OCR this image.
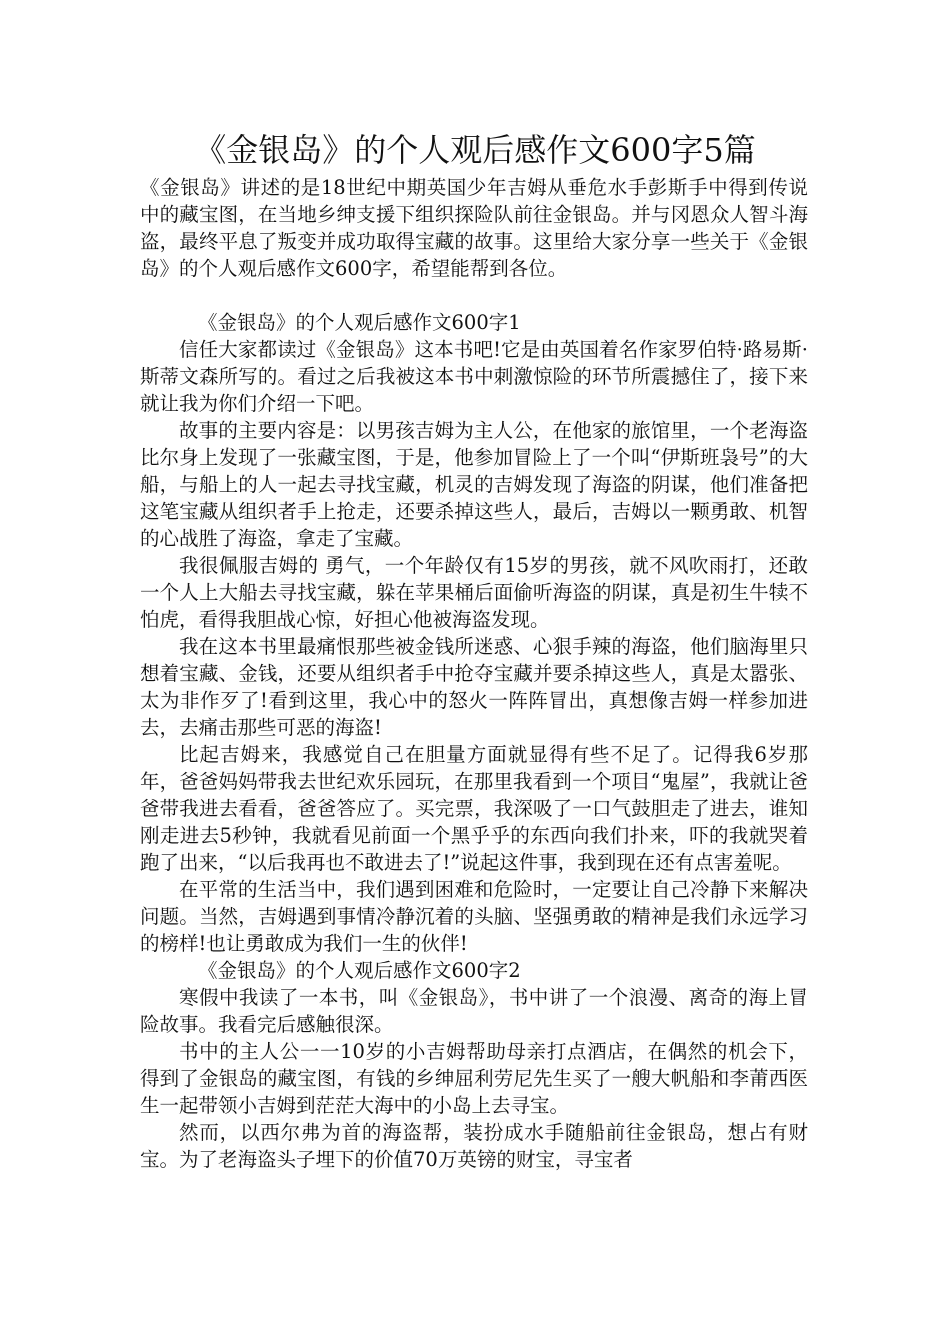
《金银岛》的个人观后感作文600字5篇

《金银岛》讲述的是18世纪中期英国少年吉姆从垂危水手彭斯手中得到传说中的藏宝图，在当地乡绅支援下组织探险队前往金银岛。并与冈恩众人智斗海盗，最终平息了叛变并成功取得宝藏的故事。这里给大家分享一些关于《金银岛》的个人观后感作文600字，希望能帮到各位。

《金银岛》的个人观后感作文600字1

信任大家都读过《金银岛》这本书吧!它是由英国着名作家罗伯特·路易斯·斯蒂文森所写的。看过之后我被这本书中刺激惊险的环节所震撼住了，接下来就让我为你们介绍一下吧。

故事的主要内容是：以男孩吉姆为主人公，在他家的旅馆里，一个老海盗比尔身上发现了一张藏宝图，于是，他参加冒险上了一个叫“伊斯班袅号”的大船，与船上的人一起去寻找宝藏，机灵的吉姆发现了海盗的阴谋，他们准备把这笔宝藏从组织者手上抢走，还要杀掉这些人，最后，吉姆以一颗勇敢、机智的心战胜了海盗，拿走了宝藏。

我很佩服吉姆的 勇气，一个年龄仅有15岁的男孩，就不风吹雨打，还敢一个人上大船去寻找宝藏，躲在苹果桶后面偷听海盗的阴谋，真是初生牛犊不怕虎，看得我胆战心惊，好担心他被海盗发现。

我在这本书里最痛恨那些被金钱所迷惑、心狠手辣的海盗，他们脑海里只想着宝藏、金钱，还要从组织者手中抢夺宝藏并要杀掉这些人，真是太嚣张、太为非作歹了!看到这里，我心中的怒火一阵阵冒出，真想像吉姆一样参加进去，去痛击那些可恶的海盗!

比起吉姆来，我感觉自己在胆量方面就显得有些不足了。记得我6岁那年，爸爸妈妈带我去世纪欢乐园玩，在那里我看到一个项目“鬼屋”，我就让爸爸带我进去看看，爸爸答应了。买完票，我深吸了一口气鼓胆走了进去，谁知刚走进去5秒钟，我就看见前面一个黑乎乎的东西向我们扑来，吓的我就哭着跑了出来，“以后我再也不敢进去了!”说起这件事，我到现在还有点害羞呢。

在平常的生活当中，我们遇到困难和危险时，一定要让自己冷静下来解决问题。当然，吉姆遇到事情冷静沉着的头脑、坚强勇敢的精神是我们永远学习的榜样!也让勇敢成为我们一生的伙伴!

《金银岛》的个人观后感作文600字2

寒假中我读了一本书，叫《金银岛》，书中讲了一个浪漫、离奇的海上冒险故事。我看完后感触很深。

书中的主人公一一10岁的小吉姆帮助母亲打点酒店，在偶然的机会下，得到了金银岛的藏宝图，有钱的乡绅屈利劳尼先生买了一艘大帆船和李莆西医生一起带领小吉姆到茫茫大海中的小岛上去寻宝。

然而，以西尔弗为首的海盗帮，装扮成水手随船前往金银岛，想占有财宝。为了老海盗头子埋下的价值70万英镑的财宝，寻宝者
